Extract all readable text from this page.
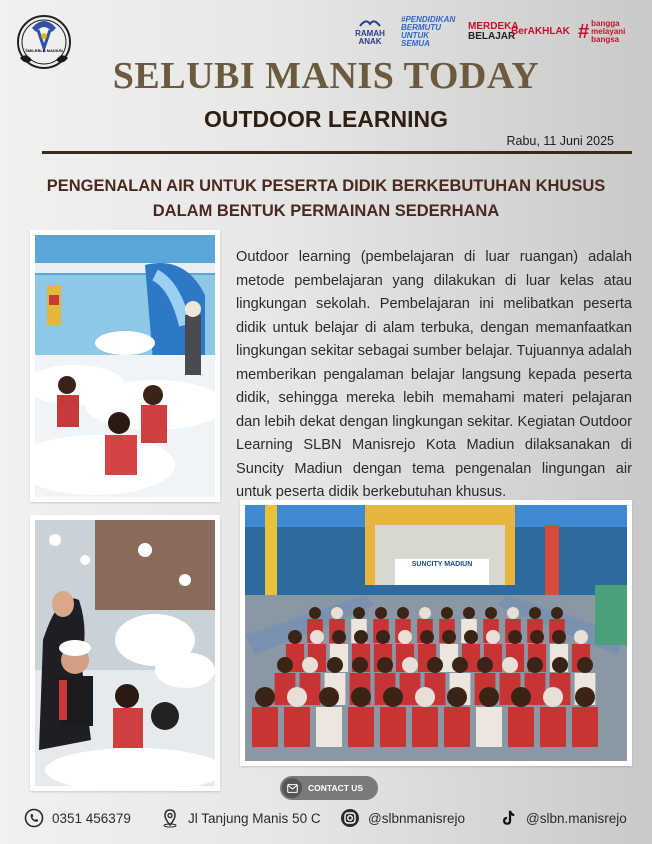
SMILEBLB MADIUN
RAMAH ANAK
#PENDIDIKAN BERMUTU UNTUK SEMUA
MERDEKA
BELAJAR
BerAKHLAK # bangga melayani bangsa
SELUBI MANIS TODAY
OUTDOOR LEARNING
Rabu, 11 Juni 2025
PENGENALAN AIR UNTUK PESERTA DIDIK BERKEBUTUHAN KHUSUS
DALAM BENTUK PERMAINAN SEDERHANA
SUNCITY MADIUN
Outdoor learning (pembelajaran di luar ruangan) adalah metode pembelajaran yang dilakukan di luar kelas atau lingkungan sekolah. Pembelajaran ini melibatkan peserta didik untuk belajar di alam terbuka, dengan memanfaatkan lingkungan sekitar sebagai sumber belajar. Tujuannya adalah memberikan pengalaman belajar langsung kepada peserta didik, sehingga mereka lebih memahami materi pelajaran dan lebih dekat dengan lingkungan sekitar. Kegiatan Outdoor Learning SLBN Manisrejo Kota Madiun dilaksanakan di Suncity Madiun dengan tema pengenalan lingungan air untuk peserta didik berkebutuhan khusus.
CONTACT US
0351 456379	Jl Tanjung Manis 50 C	@slbnmanisrejo	@slbn.manisrejo
